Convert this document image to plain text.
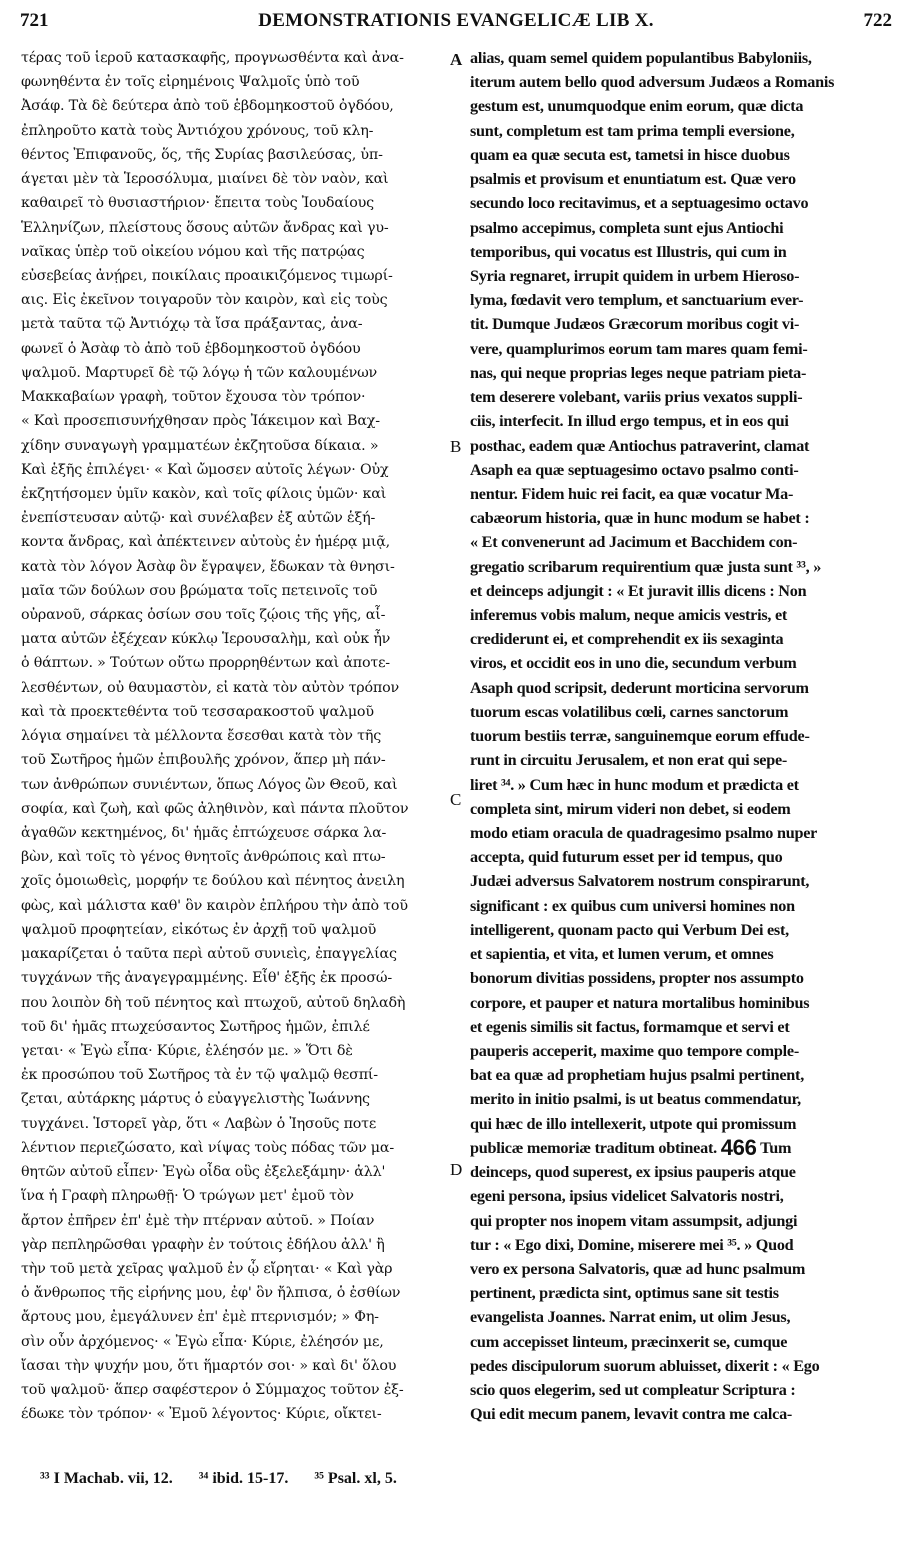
721	DEMONSTRATIONIS EVANGELICÆ LIB X.	722
τέρας τοῦ ἱεροῦ κατασκαφῆς, προγνωσθέντα καὶ ἀνα-
φωνηθέντα ἐν τοῖς εἰρημένοις Ψαλμοῖς ὑπὸ τοῦ
Ἀσάφ. Τὰ δὲ δεύτερα ἀπὸ τοῦ ἑβδομηκοστοῦ ὀγδόου,
ἐπληροῦτο κατὰ τοὺς Ἀντιόχου χρόνους, τοῦ κλη-
θέντος Ἐπιφανοῦς, ὅς, τῆς Συρίας βασιλεύσας, ὑπ-
άγεται μὲν τὰ Ἱεροσόλυμα, μιαίνει δὲ τὸν ναὸν, καὶ
καθαιρεῖ τὸ θυσιαστήριον· ἔπειτα τοὺς Ἰουδαίους
Ἑλληνίζων, πλείστους ὅσους αὐτῶν ἄνδρας καὶ γυ-
ναῖκας ὑπὲρ τοῦ οἰκείου νόμου καὶ τῆς πατρῴας
εὐσεβείας ἀνῄρει, ποικίλαις προαικιζόμενος τιμωρί-
αις. Εἰς ἐκεῖνον τοιγαροῦν τὸν καιρὸν, καὶ εἰς τοὺς
μετὰ ταῦτα τῷ Ἀντιόχῳ τὰ ἴσα πράξαντας, ἀνα-
φωνεῖ ὁ Ἀσὰφ τὸ ἀπὸ τοῦ ἑβδομηκοστοῦ ὀγδόου
ψαλμοῦ. Μαρτυρεῖ δὲ τῷ λόγῳ ἡ τῶν καλουμένων
Μακκαβαίων γραφὴ, τοῦτον ἔχουσα τὸν τρόπον·
« Καὶ προσεπισυνήχθησαν πρὸς Ἰάκειμον καὶ Βαχ-
χίδην συναγωγὴ γραμματέων ἐκζητοῦσα δίκαια. »
Καὶ ἑξῆς ἐπιλέγει· « Καὶ ὤμοσεν αὐτοῖς λέγων· Οὐχ
ἐκζητήσομεν ὑμῖν κακὸν, καὶ τοῖς φίλοις ὑμῶν· καὶ
ἐνεπίστευσαν αὐτῷ· καὶ συνέλαβεν ἐξ αὐτῶν ἑξή-
κοντα ἄνδρας, καὶ ἀπέκτεινεν αὐτοὺς ἐν ἡμέρᾳ μιᾷ,
κατὰ τὸν λόγον Ἀσὰφ ὃν ἔγραψεν, ἔδωκαν τὰ θνησι-
μαῖα τῶν δούλων σου βρώματα τοῖς πετεινοῖς τοῦ
οὐρανοῦ, σάρκας ὁσίων σου τοῖς ζῴοις τῆς γῆς, αἷ-
ματα αὐτῶν ἐξέχεαν κύκλῳ Ἱερουσαλὴμ, καὶ οὐκ ἦν
ὁ θάπτων. » Τούτων οὕτω προρρηθέντων καὶ ἀποτε-
λεσθέντων, οὐ θαυμαστὸν, εἰ κατὰ τὸν αὐτὸν τρόπον
καὶ τὰ προεκτεθέντα τοῦ τεσσαρακοστοῦ ψαλμοῦ
λόγια σημαίνει τὰ μέλλοντα ἔσεσθαι κατὰ τὸν τῆς
τοῦ Σωτῆρος ἡμῶν ἐπιβουλῆς χρόνον, ἅπερ μὴ πάν-
των ἀνθρώπων συνιέντων, ὅπως Λόγος ὢν Θεοῦ, καὶ
σοφία, καὶ ζωὴ, καὶ φῶς ἀληθινὸν, καὶ πάντα πλοῦτον
ἀγαθῶν κεκτημένος, δι' ἡμᾶς ἐπτώχευσε σάρκα λα-
βὼν, καὶ τοῖς τὸ γένος θνητοῖς ἀνθρώποις καὶ πτω-
χοῖς ὁμοιωθεὶς, μορφήν τε δούλου καὶ πένητος ἀνειλη
φὼς, καὶ μάλιστα καθ' ὃν καιρὸν ἐπλήρου τὴν ἀπὸ τοῦ
ψαλμοῦ προφητείαν, εἰκότως ἐν ἀρχῇ τοῦ ψαλμοῦ
μακαρίζεται ὁ ταῦτα περὶ αὐτοῦ συνιεὶς, ἐπαγγελίας
τυγχάνων τῆς ἀναγεγραμμένης. Εἶθ' ἑξῆς ἐκ προσώ-
που λοιπὸν δὴ τοῦ πένητος καὶ πτωχοῦ, αὐτοῦ δηλαδὴ
τοῦ δι' ἡμᾶς πτωχεύσαντος Σωτῆρος ἡμῶν, ἐπιλέ
γεται· « Ἐγὼ εἶπα· Κύριε, ἐλέησόν με. » Ὅτι δὲ
ἐκ προσώπου τοῦ Σωτῆρος τὰ ἐν τῷ ψαλμῷ θεσπί-
ζεται, αὐτάρκης μάρτυς ὁ εὐαγγελιστὴς Ἰωάννης
τυγχάνει. Ἱστορεῖ γὰρ, ὅτι « Λαβὼν ὁ Ἰησοῦς ποτε
λέντιον περιεζώσατο, καὶ νίψας τοὺς πόδας τῶν μα-
θητῶν αὐτοῦ εἶπεν· Ἐγὼ οἶδα οὓς ἐξελεξάμην· ἀλλ'
ἵνα ἡ Γραφὴ πληρωθῇ· Ὁ τρώγων μετ' ἐμοῦ τὸν
ἄρτον ἐπῆρεν ἐπ' ἐμὲ τὴν πτέρναν αὐτοῦ. » Ποίαν
γὰρ πεπληρῶσθαι γραφὴν ἐν τούτοις ἐδήλου ἀλλ' ἢ
τὴν τοῦ μετὰ χεῖρας ψαλμοῦ ἐν ᾧ εἴρηται· « Καὶ γὰρ
ὁ ἄνθρωπος τῆς εἰρήνης μου, ἐφ' ὃν ἤλπισα, ὁ ἐσθίων
ἄρτους μου, ἐμεγάλυνεν ἐπ' ἐμὲ πτερνισμόν; » Φη-
σὶν οὖν ἀρχόμενος· « Ἐγὼ εἶπα· Κύριε, ἐλέησόν με,
ἴασαι τὴν ψυχήν μου, ὅτι ἥμαρτόν σοι· » καὶ δι' ὅλου
τοῦ ψαλμοῦ· ἅπερ σαφέστερον ὁ Σύμμαχος τοῦτον ἐξ-
έδωκε τὸν τρόπον· « Ἐμοῦ λέγοντος· Κύριε, οἴκτει-
alias, quam semel quidem populantibus Babyloniis,
iterum autem bello quod adversum Judæos a Romanis
gestum est, unumquodque enim eorum, quæ dicta
sunt, completum est tam prima templi eversione,
quam ea quæ secuta est, tametsi in hisce duobus
psalmis et provisum et enuntiatum est. Quæ vero
secundo loco recitavimus, et a septuagesimo octavo
psalmo accepimus, completa sunt ejus Antiochi
temporibus, qui vocatus est Illustris, qui cum in
Syria regnaret, irrupit quidem in urbem Hieroso-
lyma, fœdavit vero templum, et sanctuarium ever-
tit. Dumque Judæos Græcorum moribus cogit vi-
vere, quamplurimos eorum tam mares quam femi-
nas, qui neque proprias leges neque patriam pieta-
tem deserere volebant, variis prius vexatos suppli-
ciis, interfecit. In illud ergo tempus, et in eos qui
posthac, eadem quæ Antiochus patraverint, clamat
Asaph ea quæ septuagesimo octavo psalmo conti-
nentur. Fidem huic rei facit, ea quæ vocatur Ma-
cabæorum historia, quæ in hunc modum se habet :
« Et convenerunt ad Jacimum et Bacchidem con-
gregatio scribarum requirentium quæ justa sunt ³³, »
et deinceps adjungit : « Et juravit illis dicens : Non
inferemus vobis malum, neque amicis vestris, et
crediderunt ei, et comprehendit ex iis sexaginta
viros, et occidit eos in uno die, secundum verbum
Asaph quod scripsit, dederunt morticina servorum
tuorum escas volatilibus cœli, carnes sanctorum
tuorum bestiis terræ, sanguinemque eorum effude-
runt in circuitu Jerusalem, et non erat qui sepe-
liret ³⁴. » Cum hæc in hunc modum et prædicta et
completa sint, mirum videri non debet, si eodem
modo etiam oracula de quadragesimo psalmo nuper
accepta, quid futurum esset per id tempus, quo
Judæi adversus Salvatorem nostrum conspirarunt,
significant : ex quibus cum universi homines non
intelligerent, quonam pacto qui Verbum Dei est,
et sapientia, et vita, et lumen verum, et omnes
bonorum divitias possidens, propter nos assumpto
corpore, et pauper et natura mortalibus hominibus
et egenis similis sit factus, formamque et servi et
pauperis acceperit, maxime quo tempore comple-
bat ea quæ ad prophetiam hujus psalmi pertinent,
merito in initio psalmi, is ut beatus commendatur,
qui hæc de illo intellexerit, utpote qui promissum
publicæ memoriæ traditum obtineat. 466 Tum
deinceps, quod superest, ex ipsius pauperis atque
egeni persona, ipsius videlicet Salvatoris nostri,
qui propter nos inopem vitam assumpsit, adjungi
tur : « Ego dixi, Domine, miserere mei ³⁵. » Quod
vero ex persona Salvatoris, quæ ad hunc psalmum
pertinent, prædicta sint, optimus sane sit testis
evangelista Joannes. Narrat enim, ut olim Jesus,
cum accepisset linteum, præcinxerit se, cumque
pedes discipulorum suorum abluisset, dixerit : « Ego
scio quos elegerim, sed ut compleatur Scriptura :
Qui edit mecum panem, levavit contra me calca-
A
B
C
D
³³ I Machab. vii, 12. ³⁴ ibid. 15-17. ³⁵ Psal. xl, 5.
